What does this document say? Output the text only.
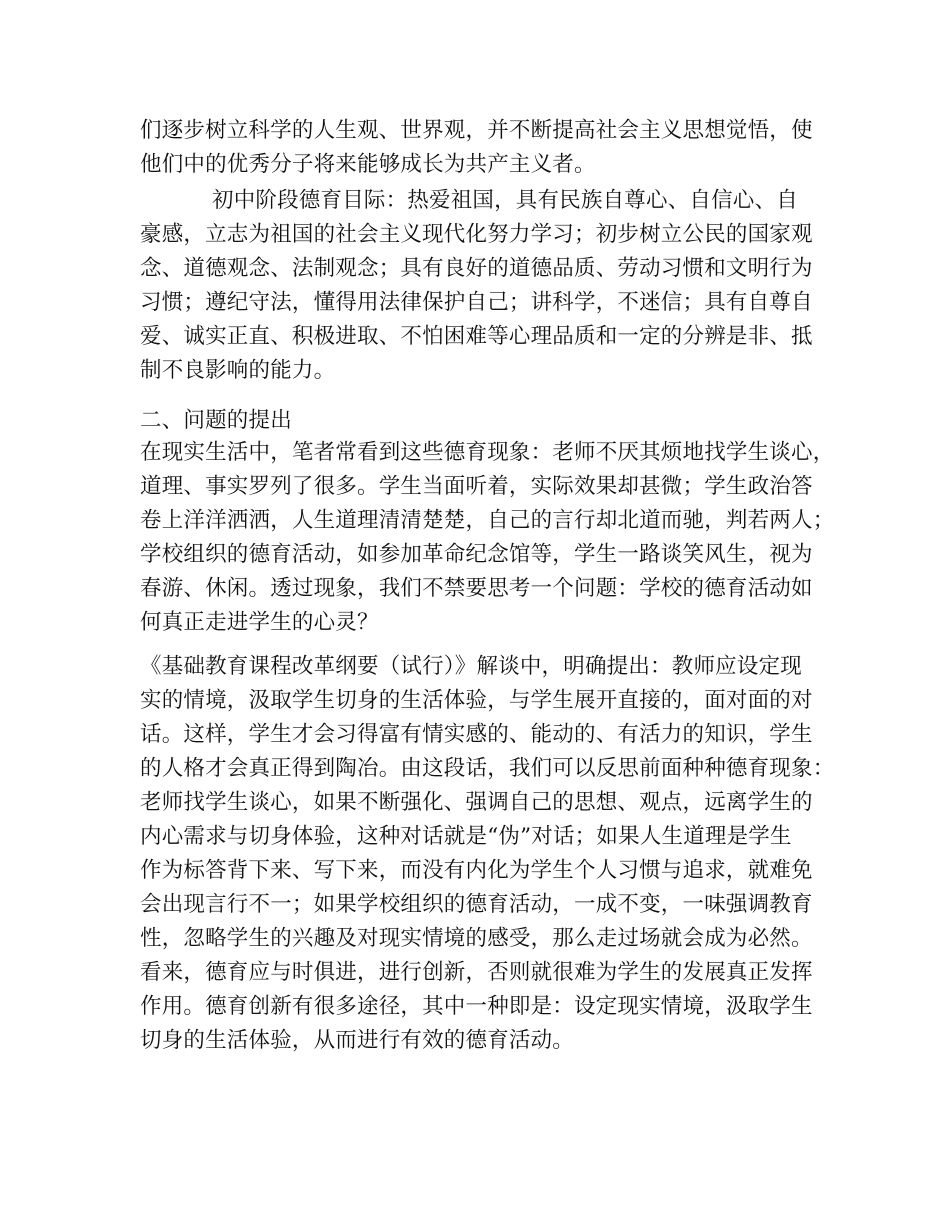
们逐步树立科学的人生观、世界观，并不断提高社会主义思想觉悟，使
他们中的优秀分子将来能够成长为共产主义者。
初中阶段德育目际：热爱祖国，具有民族自尊心、自信心、自
豪感，立志为祖国的社会主义现代化努力学习；初步树立公民的国家观
念、道德观念、法制观念；具有良好的道德品质、劳动习惯和文明行为
习惯；遵纪守法，懂得用法律保护自己；讲科学，不迷信；具有自尊自
爱、诚实正直、积极进取、不怕困难等心理品质和一定的分辨是非、抵
制不良影响的能力。
二、问题的提出
在现实生活中，笔者常看到这些德育现象：老师不厌其烦地找学生谈心，
道理、事实罗列了很多。学生当面听着，实际效果却甚微；学生政治答
卷上洋洋洒洒，人生道理清清楚楚，自己的言行却北道而驰，判若两人；
学校组织的德育活动，如参加革命纪念馆等，学生一路谈笑风生，视为
春游、休闲。透过现象，我们不禁要思考一个问题：学校的德育活动如
何真正走进学生的心灵？
《基础教育课程改革纲要（试行）》解谈中，明确提出：教师应设定现
实的情境，汲取学生切身的生活体验，与学生展开直接的，面对面的对
话。这样，学生才会习得富有情实感的、能动的、有活力的知识，学生
的人格才会真正得到陶冶。由这段话，我们可以反思前面种种德育现象：
老师找学生谈心，如果不断强化、强调自己的思想、观点，远离学生的
内心需求与切身体验，这种对话就是“伪”对话；如果人生道理是学生
作为标答背下来、写下来，而没有内化为学生个人习惯与追求，就难免
会出现言行不一；如果学校组织的德育活动，一成不变，一味强调教育
性，忽略学生的兴趣及对现实情境的感受，那么走过场就会成为必然。
看来，德育应与时俱进，进行创新，否则就很难为学生的发展真正发挥
作用。德育创新有很多途径，其中一种即是：设定现实情境，汲取学生
切身的生活体验，从而进行有效的德育活动。
